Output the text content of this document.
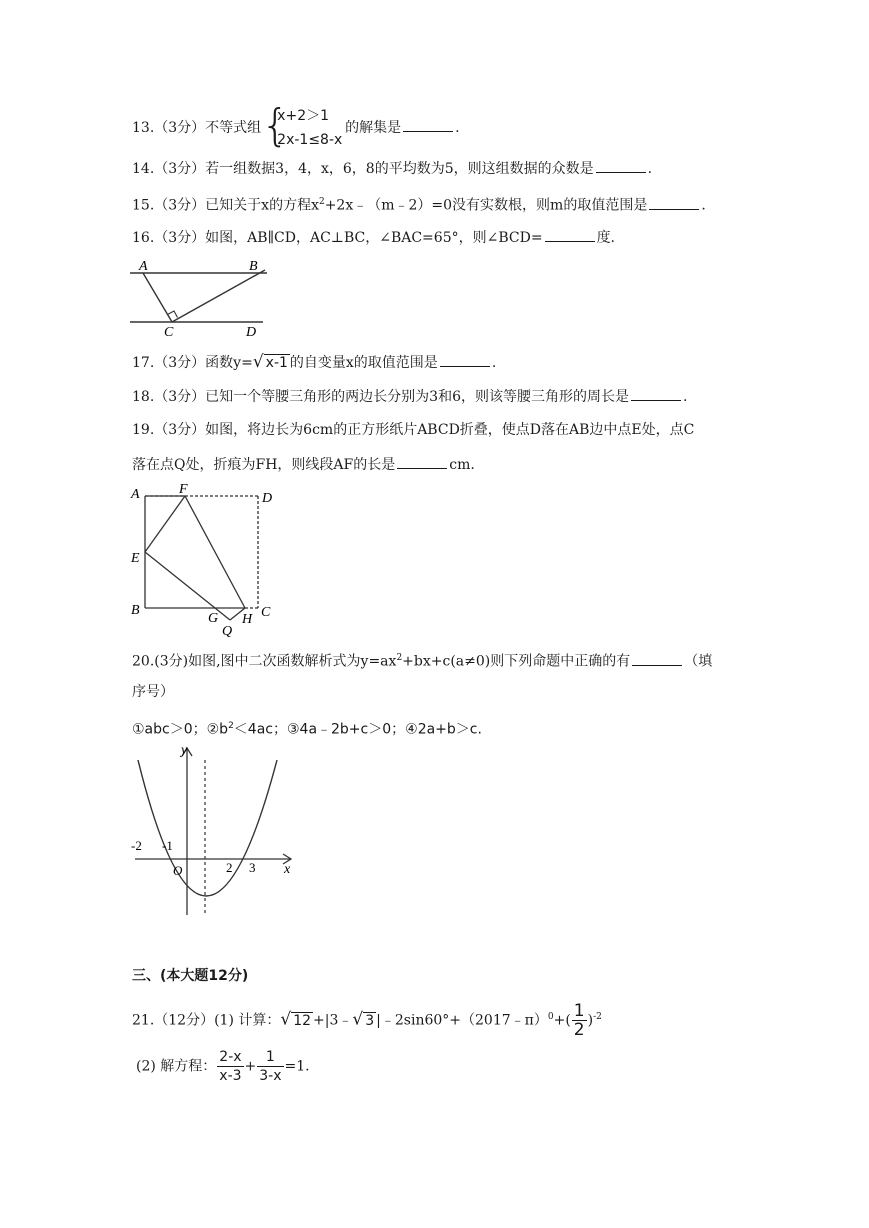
13.（3分）不等式组 {
x+2＞1
2x-1≤8-x
的解集是	.
14.（3分）若一组数据3，4，x，6，8的平均数为5，则这组数据的众数是	.
15.（3分）已知关于x的方程$x^2+2x﹣(m﹣2)=0$没有实数根，则m的取值范围是	.
16.（3分）如图，AB∥CD，AC⊥BC，∠BAC=65°，则∠BCD=	度.
A	B
C	D
17.（3分）函数y=√ x-1 的自变量x的取值范围是	.
18.（3分）已知一个等腰三角形的两边长分别为3和6，则该等腰三角形的周长是	.
19.（3分）如图，将边长为6cm的正方形纸片ABCD折叠，使点D落在AB边中点E处，点C
落在点Q处，折痕为FH，则线段AF的长是	cm.
A	F
D
E
B
G H C
Q
20.(3分)如图,图中二次函数解析式为$y=ax^2+bx+c(a\ne 0)$则下列命题中正确的有	（填
序号）
①abc＞0；$②b^2<4ac$；③4a﹣2b+c＞0；④2a+b＞c.
y
x
O
-2 -1
2 3
三、(本大题12分)
21.（12分）(1) 计算：√ 12 +|3﹣√ 3 |﹣2sin60°+（2017﹣π）$^0$+( $\frac{1}{2} )^{-2}$
(2) 解方程： $\frac{2-x}{x-3} + \frac{1}{3-x} =1$.
